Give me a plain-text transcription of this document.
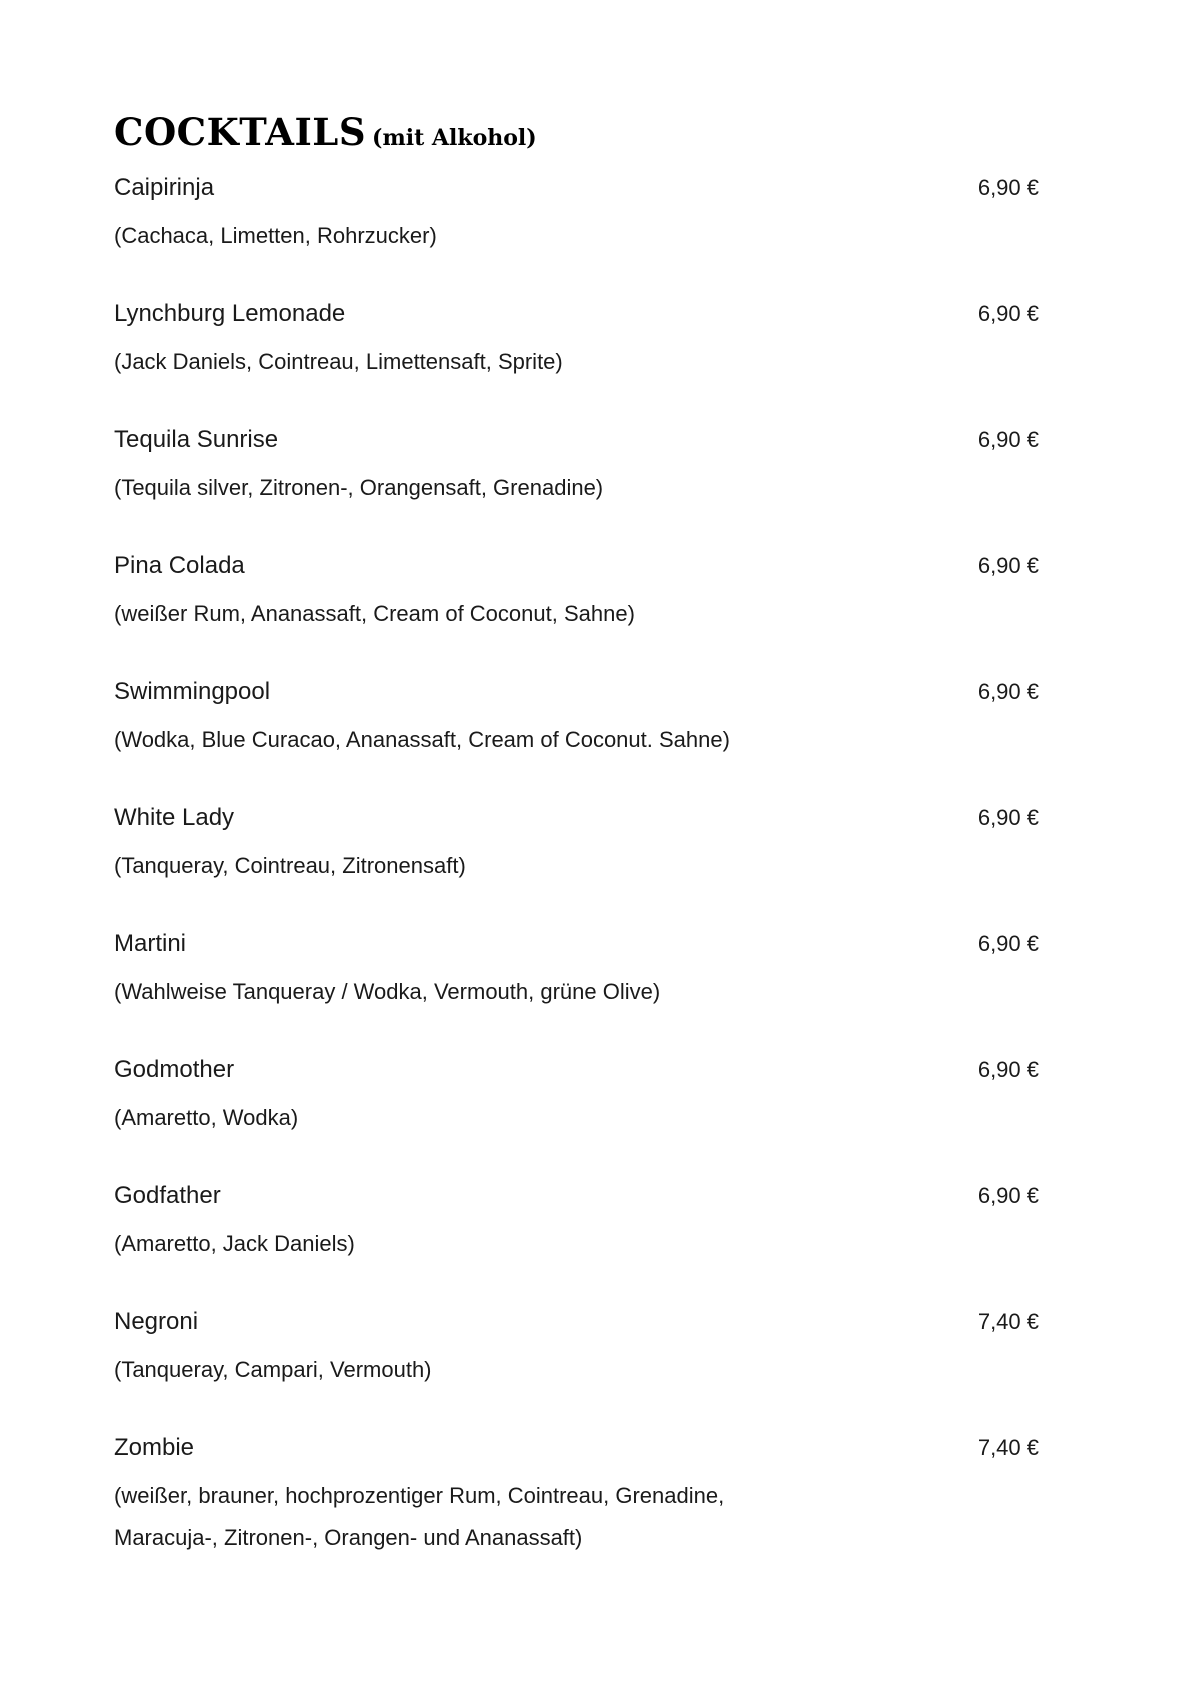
COCKTAILS (mit Alkohol)
Caipirinja	6,90 €
(Cachaca, Limetten, Rohrzucker)
Lynchburg Lemonade	6,90 €
(Jack Daniels, Cointreau, Limettensaft, Sprite)
Tequila Sunrise	6,90 €
(Tequila silver, Zitronen-, Orangensaft, Grenadine)
Pina Colada	6,90 €
(weißer Rum, Ananassaft, Cream of Coconut, Sahne)
Swimmingpool	6,90 €
(Wodka, Blue Curacao, Ananassaft, Cream of Coconut. Sahne)
White Lady	6,90 €
(Tanqueray, Cointreau, Zitronensaft)
Martini	6,90 €
(Wahlweise Tanqueray / Wodka, Vermouth, grüne Olive)
Godmother	6,90 €
(Amaretto, Wodka)
Godfather	6,90 €
(Amaretto, Jack Daniels)
Negroni	7,40 €
(Tanqueray, Campari, Vermouth)
Zombie	7,40 €
(weißer, brauner, hochprozentiger Rum, Cointreau, Grenadine,
Maracuja-, Zitronen-, Orangen- und Ananassaft)
